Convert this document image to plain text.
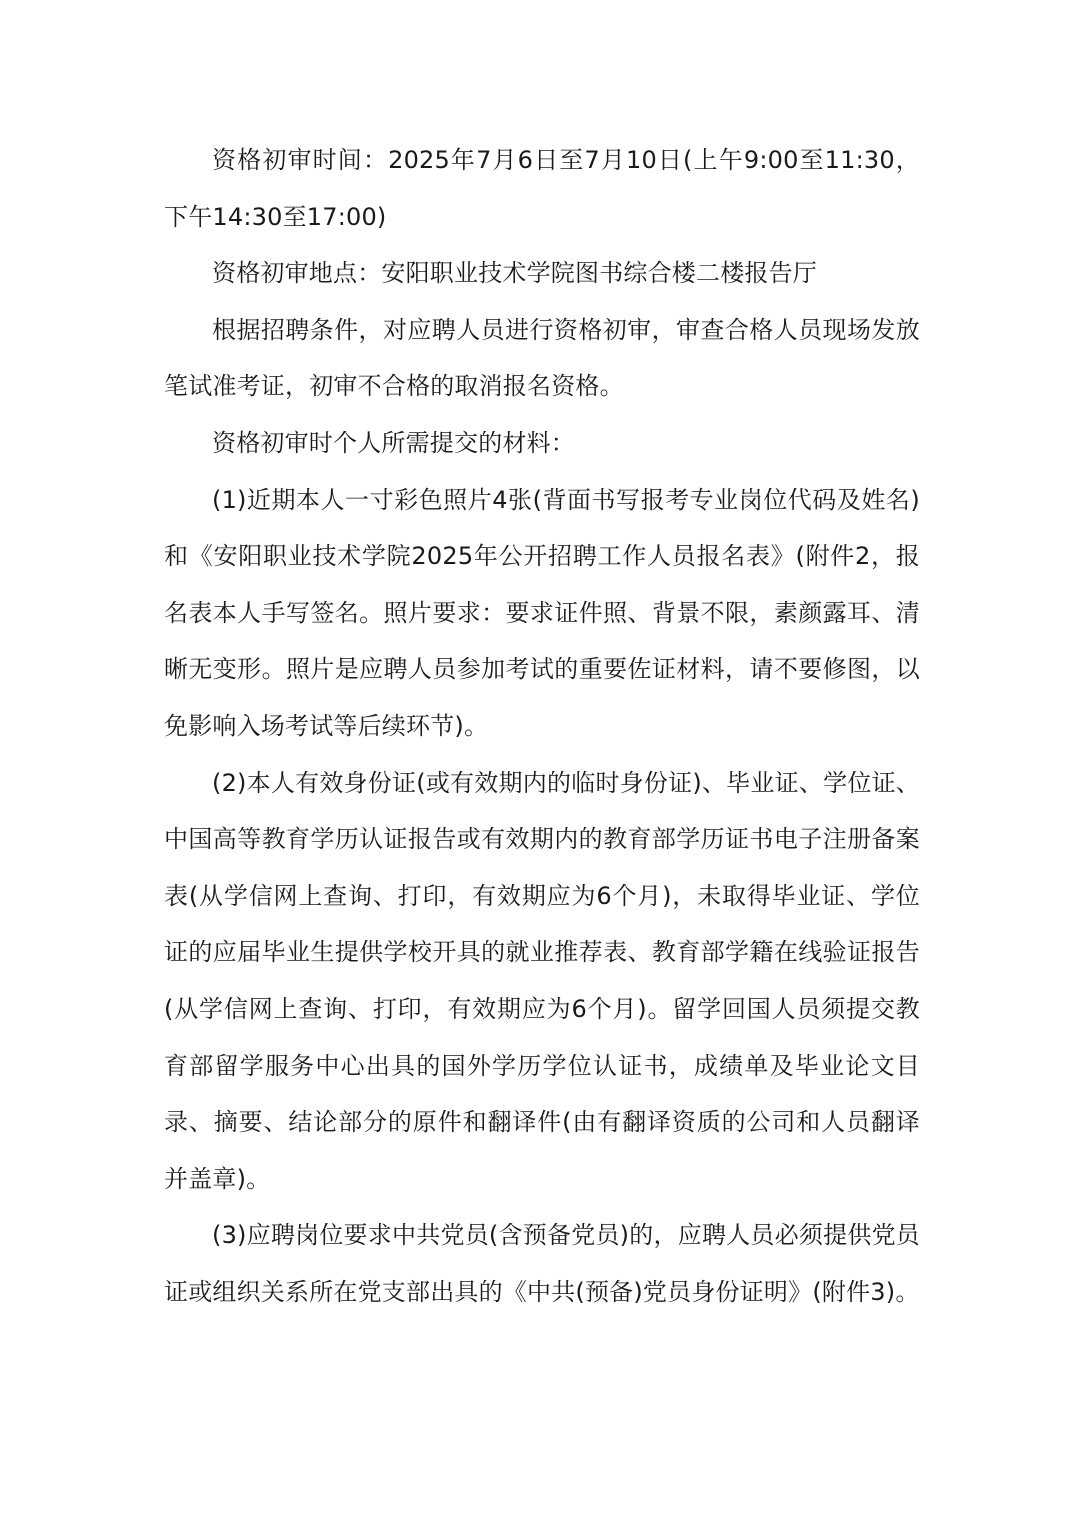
资格初审时间：2025年7月6日至7月10日(上午9:00至11:30，下午14:30至17:00)

资格初审地点：安阳职业技术学院图书综合楼二楼报告厅

根据招聘条件，对应聘人员进行资格初审，审查合格人员现场发放笔试准考证，初审不合格的取消报名资格。

资格初审时个人所需提交的材料：

(1)近期本人一寸彩色照片4张(背面书写报考专业岗位代码及姓名)和《安阳职业技术学院2025年公开招聘工作人员报名表》(附件2，报名表本人手写签名。照片要求：要求证件照、背景不限，素颜露耳、清晰无变形。照片是应聘人员参加考试的重要佐证材料，请不要修图，以免影响入场考试等后续环节)。

(2)本人有效身份证(或有效期内的临时身份证)、毕业证、学位证、中国高等教育学历认证报告或有效期内的教育部学历证书电子注册备案表(从学信网上查询、打印，有效期应为6个月)，未取得毕业证、学位证的应届毕业生提供学校开具的就业推荐表、教育部学籍在线验证报告(从学信网上查询、打印，有效期应为6个月)。留学回国人员须提交教育部留学服务中心出具的国外学历学位认证书，成绩单及毕业论文目录、摘要、结论部分的原件和翻译件(由有翻译资质的公司和人员翻译并盖章)。

(3)应聘岗位要求中共党员(含预备党员)的，应聘人员必须提供党员证或组织关系所在党支部出具的《中共(预备)党员身份证明》(附件3)。
